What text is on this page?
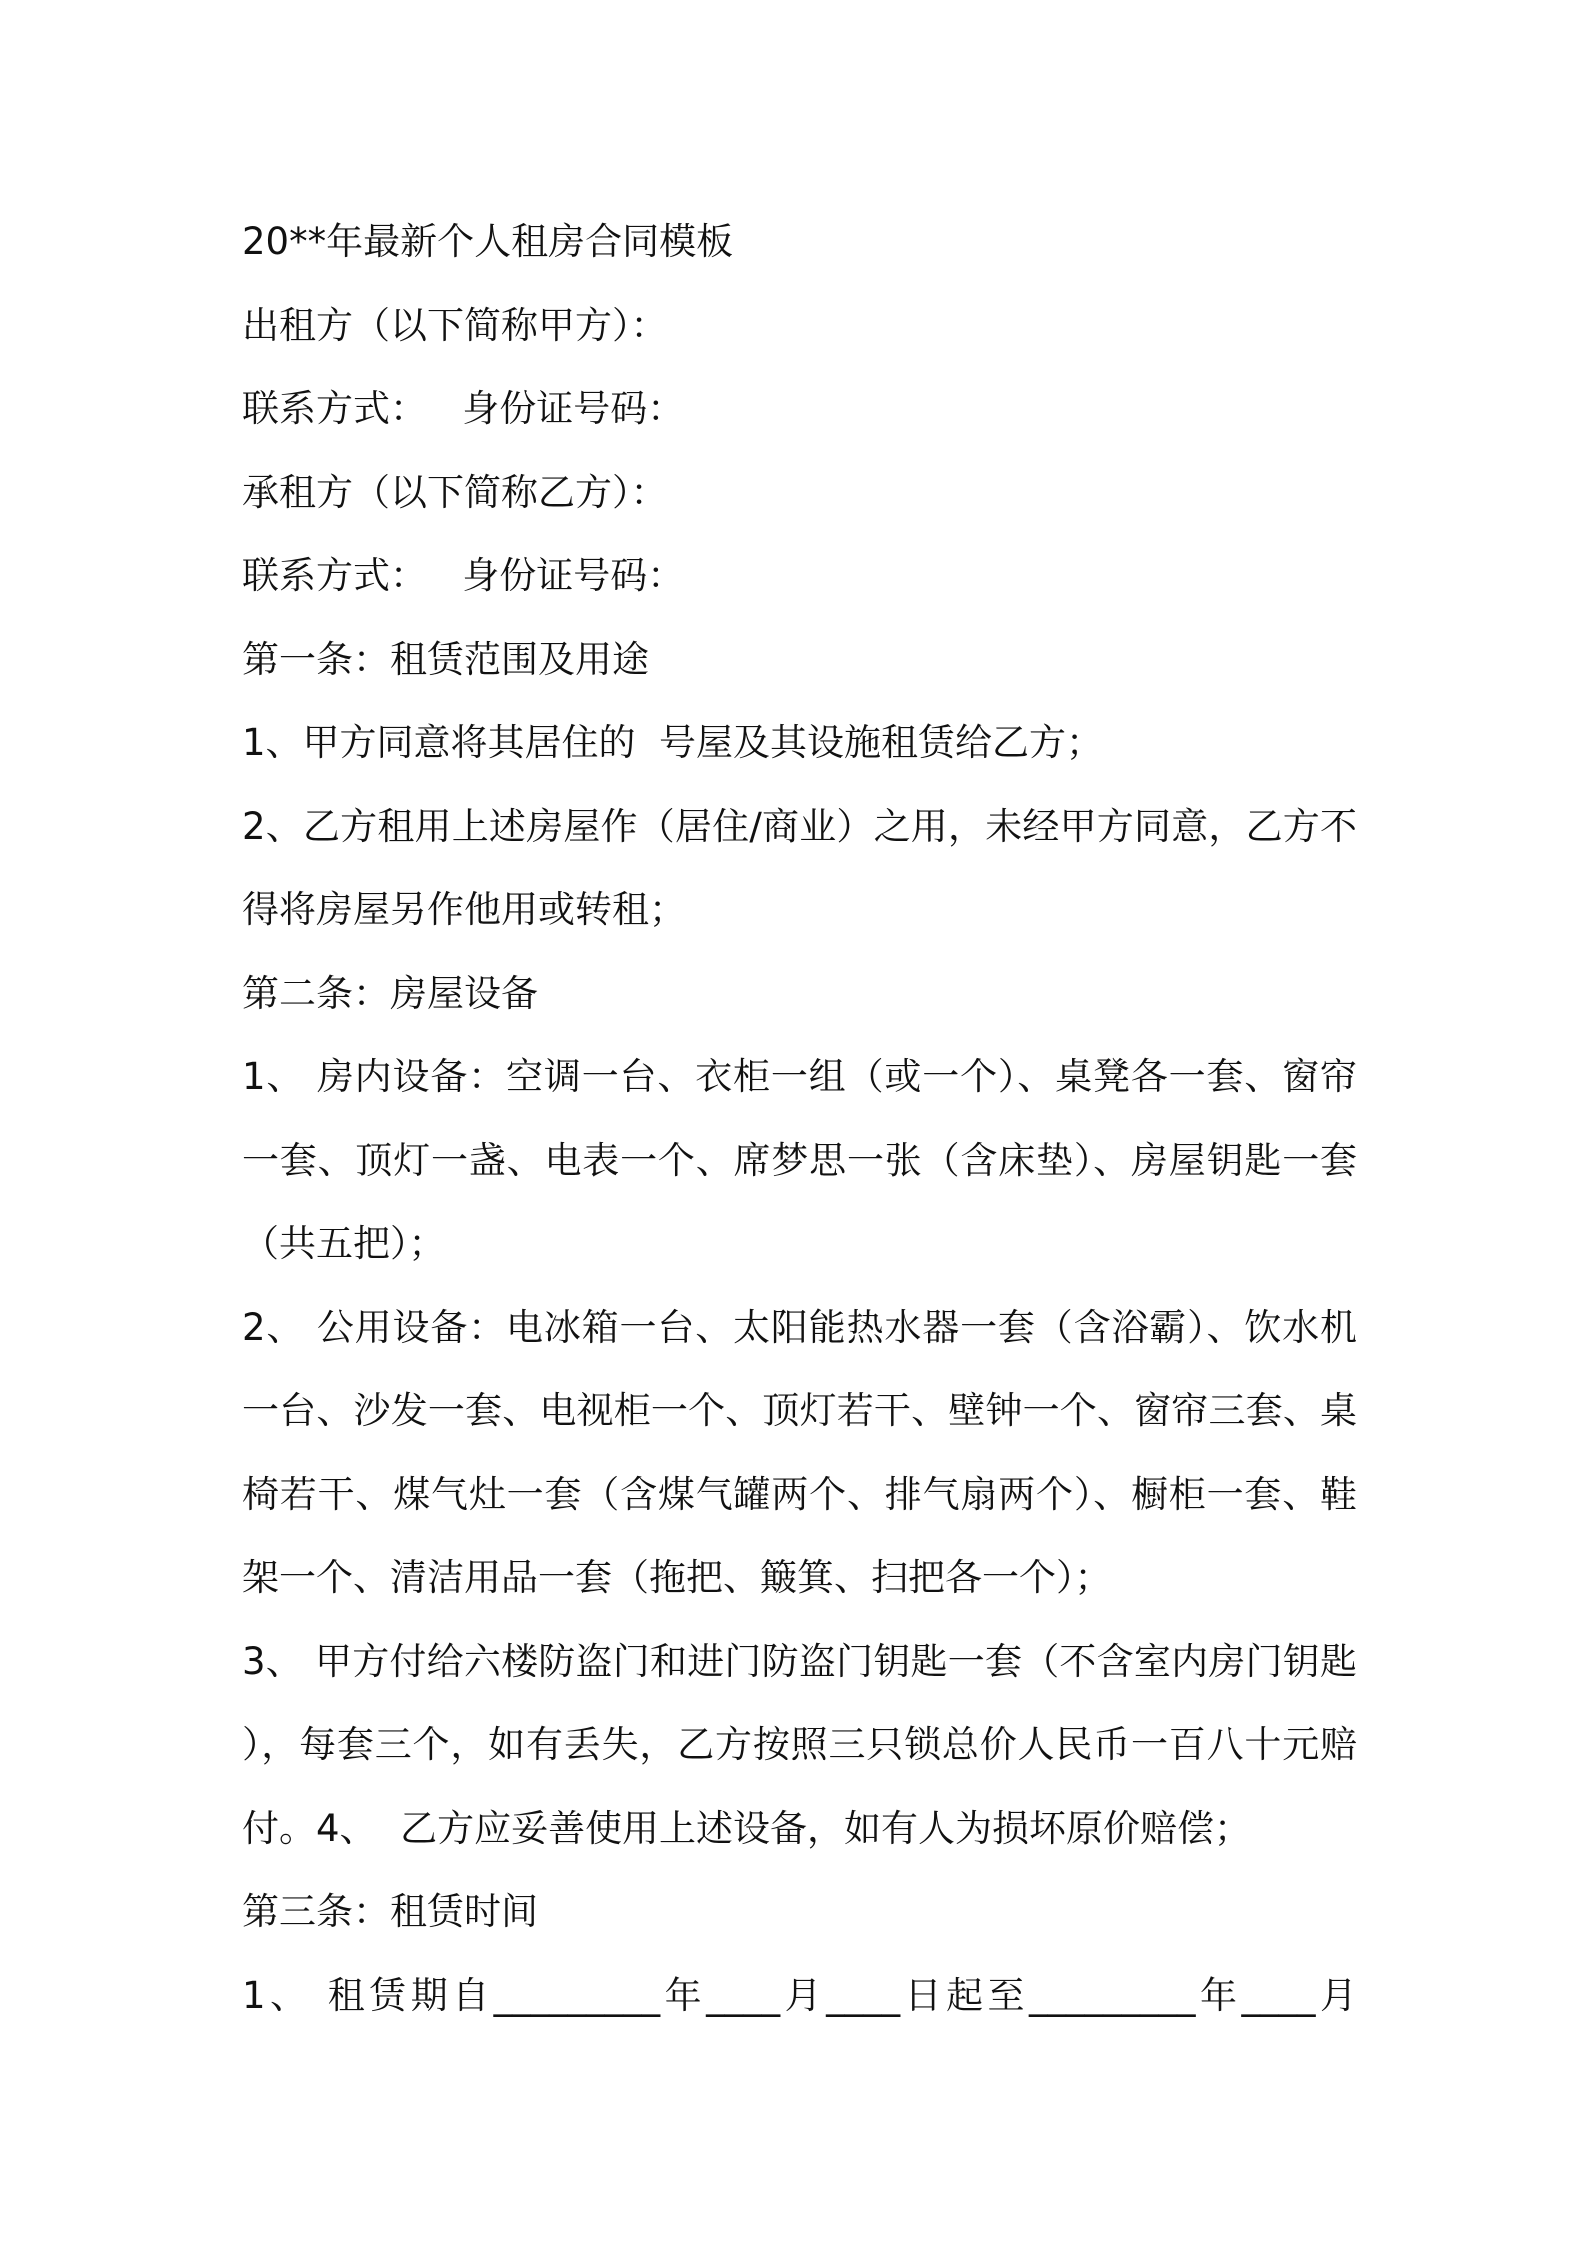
20**年最新个人租房合同模板
出租方（以下简称甲方）：
联系方式：   身份证号码：
承租方（以下简称乙方）：
联系方式：   身份证号码：
第一条：租赁范围及用途
1、甲方同意将其居住的  号屋及其设施租赁给乙方；
2、乙方租用上述房屋作（居住/商业）之用，未经甲方同意，乙方不
得将房屋另作他用或转租；
第二条：房屋设备
1、 房内设备：空调一台、衣柜一组（或一个）、桌凳各一套、窗帘
一套、顶灯一盏、电表一个、席梦思一张（含床垫）、房屋钥匙一套
（共五把）；
2、 公用设备：电冰箱一台、太阳能热水器一套（含浴霸）、饮水机
一台、沙发一套、电视柜一个、顶灯若干、壁钟一个、窗帘三套、桌
椅若干、煤气灶一套（含煤气罐两个、排气扇两个）、橱柜一套、鞋
架一个、清洁用品一套（拖把、簸箕、扫把各一个）；
3、 甲方付给六楼防盗门和进门防盗门钥匙一套（不含室内房门钥匙
），每套三个，如有丢失，乙方按照三只锁总价人民币一百八十元赔
付。4、  乙方应妥善使用上述设备，如有人为损坏原价赔偿；
第三条：租赁时间
1、 租赁期自_________年____月____日起至_________年____月
